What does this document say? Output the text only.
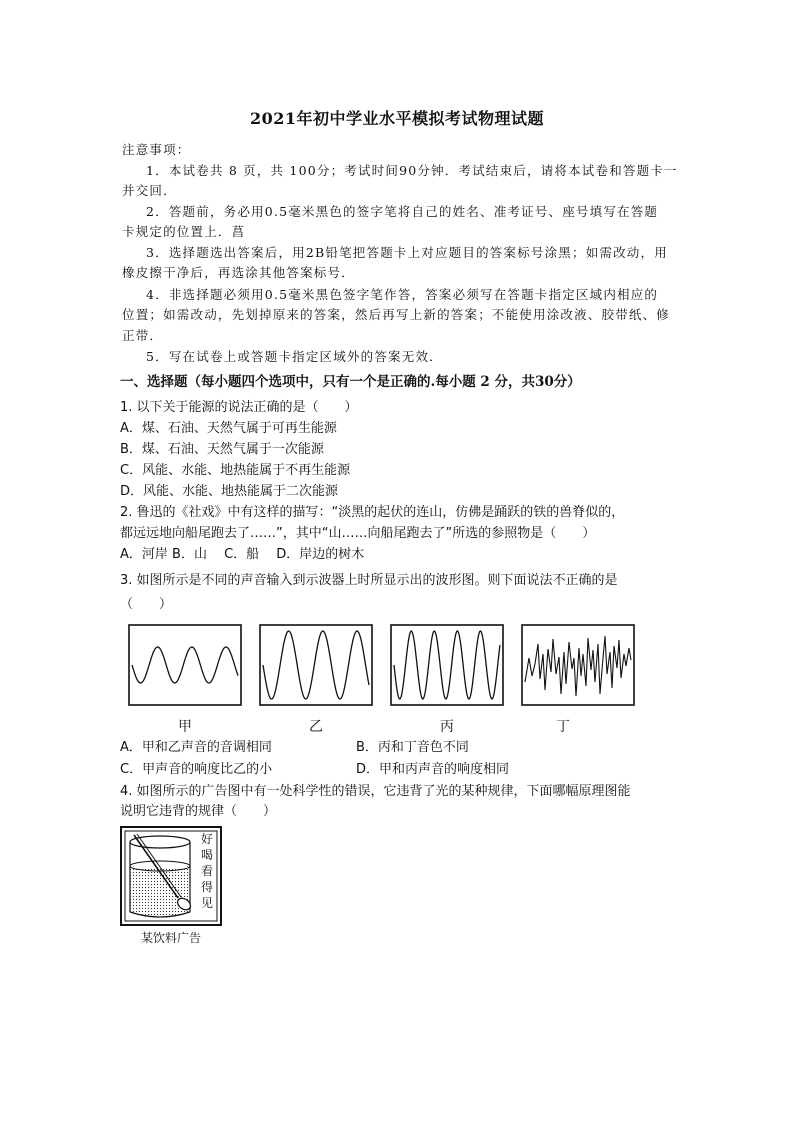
2021年初中学业水平模拟考试物理试题
注意事项：
1．本试卷共 8 页，共 100分；考试时间90分钟．考试结束后，请将本试卷和答题卡一
并交回．
2．答题前，务必用0.5毫米黑色的签字笔将自己的姓名、准考证号、座号填写在答题
卡规定的位置上．菖
3．选择题选出答案后，用2B铅笔把答题卡上对应题目的答案标号涂黑；如需改动，用
橡皮擦干净后，再选涂其他答案标号．
4．非选择题必须用0.5毫米黑色签字笔作答，答案必须写在答题卡指定区域内相应的
位置；如需改动，先划掉原来的答案，然后再写上新的答案；不能使用涂改液、胶带纸、修
正带．
5．写在试卷上或答题卡指定区域外的答案无效．
一、选择题（每小题四个选项中，只有一个是正确的.每小题 2 分，共30分）
1. 以下关于能源的说法正确的是（　　）
A．煤、石油、天然气属于可再生能源
B．煤、石油、天然气属于一次能源
C．风能、水能、地热能属于不再生能源
D．风能、水能、地热能属于二次能源
2. 鲁迅的《社戏》中有这样的描写：“淡黑的起伏的连山，仿佛是踊跃的铁的兽脊似的，
都远远地向船尾跑去了……”，其中“山……向船尾跑去了”所选的参照物是（　　）
A．河岸 B．山　 C．船　 D．岸边的树木
3. 如图所示是不同的声音输入到示波器上时所显示出的波形图。则下面说法不正确的是
（　　）
甲	乙	丙	丁
A．甲和乙声音的音调相同	B．丙和丁音色不同
C．甲声音的响度比乙的小	D．甲和丙声音的响度相同
4. 如图所示的广告图中有一处科学性的错误，它违背了光的某种规律，下面哪幅原理图能
说明它违背的规律（　　）
好
喝
看
得
见
某饮料广告
